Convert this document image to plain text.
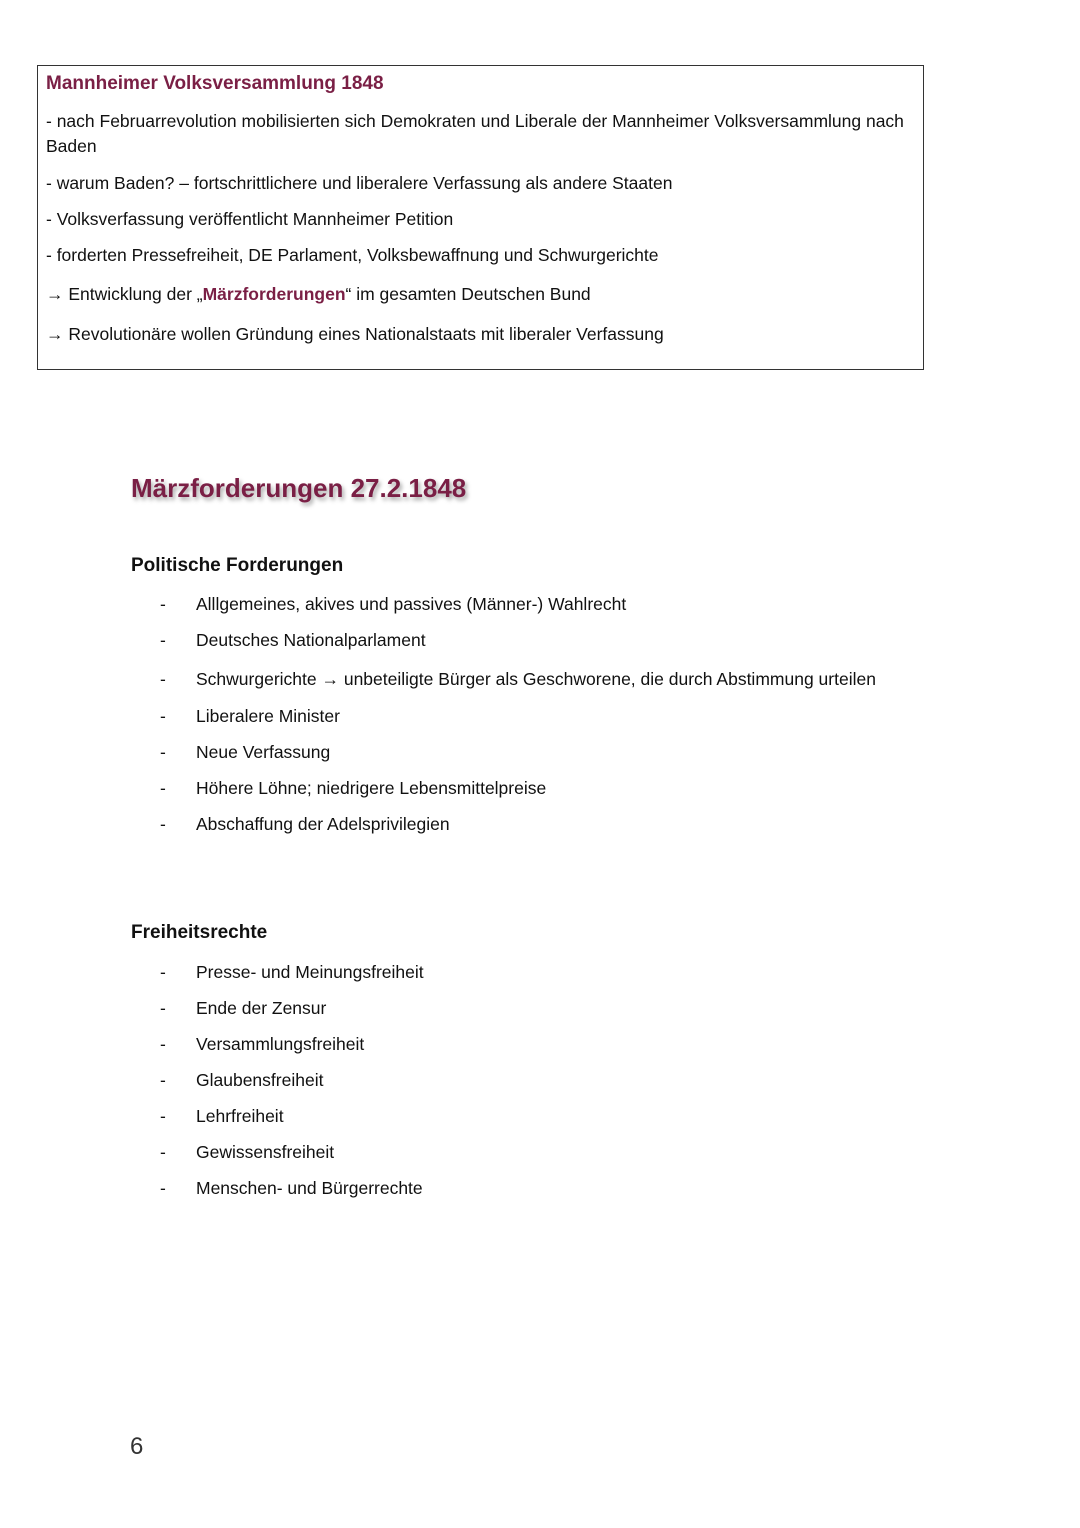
Mannheimer Volksversammlung 1848
- nach Februarrevolution mobilisierten sich Demokraten und Liberale der Mannheimer Volksversammlung nach Baden
- warum Baden? – fortschrittlichere und liberalere Verfassung als andere Staaten
- Volksverfassung veröffentlicht Mannheimer Petition
- forderten Pressefreiheit, DE Parlament, Volksbewaffnung und Schwurgerichte
→ Entwicklung der „Märzforderungen“ im gesamten Deutschen Bund
→ Revolutionäre wollen Gründung eines Nationalstaats mit liberaler Verfassung
Märzforderungen 27.2.1848
Politische Forderungen
- Alllgemeines, akives und passives (Männer-) Wahlrecht
- Deutsches Nationalparlament
- Schwurgerichte → unbeteiligte Bürger als Geschworene, die durch Abstimmung urteilen
- Liberalere Minister
- Neue Verfassung
- Höhere Löhne; niedrigere Lebensmittelpreise
- Abschaffung der Adelsprivilegien
Freiheitsrechte
- Presse- und Meinungsfreiheit
- Ende der Zensur
- Versammlungsfreiheit
- Glaubensfreiheit
- Lehrfreiheit
- Gewissensfreiheit
- Menschen- und Bürgerrechte
6
